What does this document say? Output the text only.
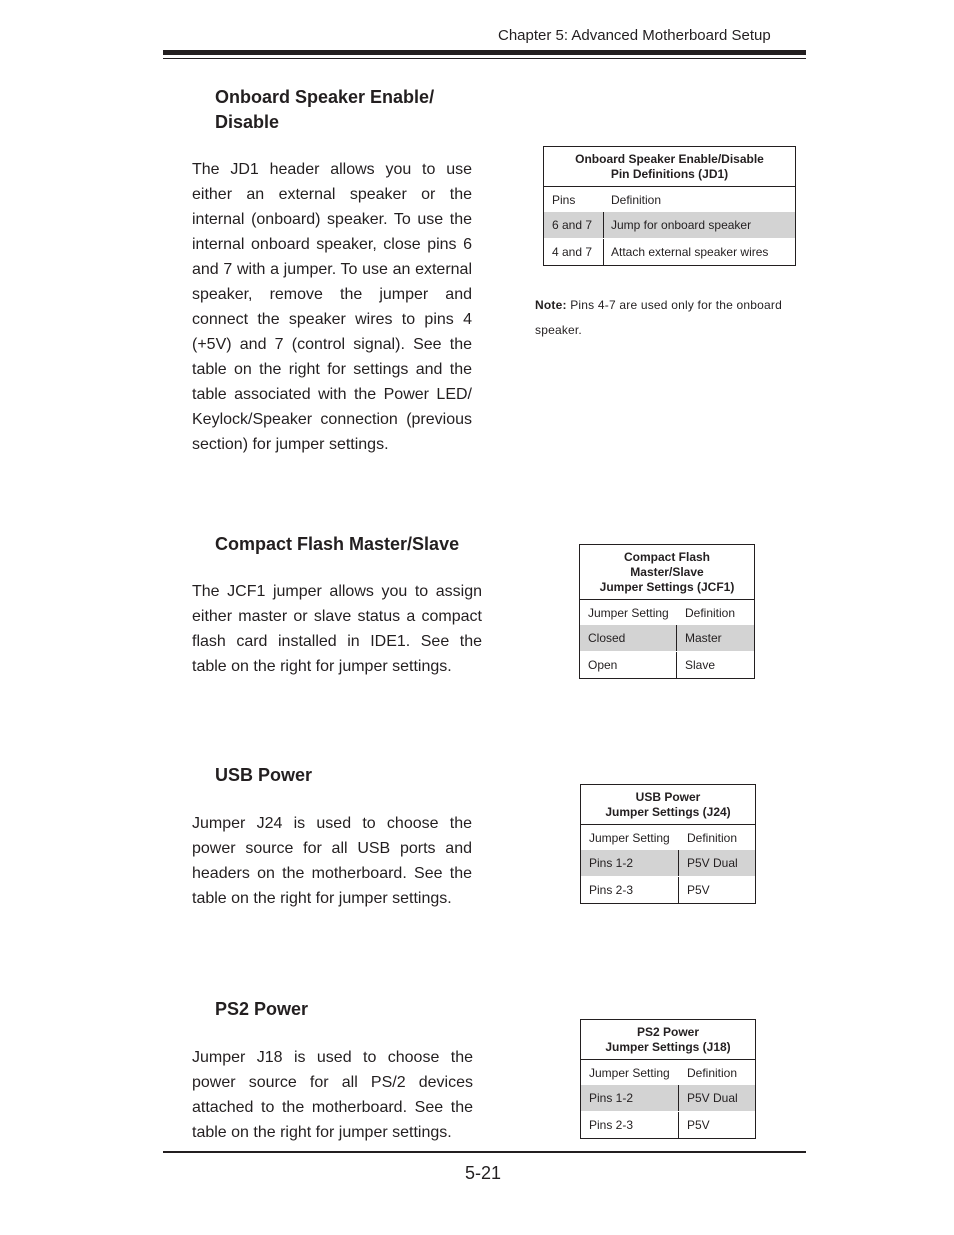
Chapter 5: Advanced Motherboard Setup
Onboard Speaker Enable/
Disable
The JD1 header allows you to use either an external speaker or the internal (onboard) speaker. To use the internal onboard speaker, close pins 6 and 7 with a jumper. To use an external speaker, remove the jumper and connect the speaker wires to pins 4 (+5V) and 7 (control signal). See the table on the right for settings and the table associated with the Power LED/ Keylock/Speaker connection (previous section) for jumper settings.
Onboard Speaker Enable/Disable
Pin Definitions (JD1)
Pins	Definition
6 and 7	Jump for onboard speaker
4 and 7	Attach external speaker wires
Note: Pins 4-7 are used only for the onboard speaker.
Compact Flash Master/Slave
The JCF1 jumper allows you to assign either master or slave status a compact flash card installed in IDE1. See the table on the right for jumper settings.
Compact Flash
Master/Slave
Jumper Settings (JCF1)
Jumper Setting	Definition
Closed	Master
Open	Slave
USB Power
Jumper J24 is used to choose the power source for all USB ports and headers on the motherboard. See the table on the right for jumper settings.
USB Power
Jumper Settings (J24)
Jumper Setting	Definition
Pins 1-2	P5V Dual
Pins 2-3	P5V
PS2 Power
Jumper J18 is used to choose the power source for all PS/2 devices attached to the motherboard. See the table on the right for jumper settings.
PS2 Power
Jumper Settings (J18)
Jumper Setting	Definition
Pins 1-2	P5V Dual
Pins 2-3	P5V
5-21
